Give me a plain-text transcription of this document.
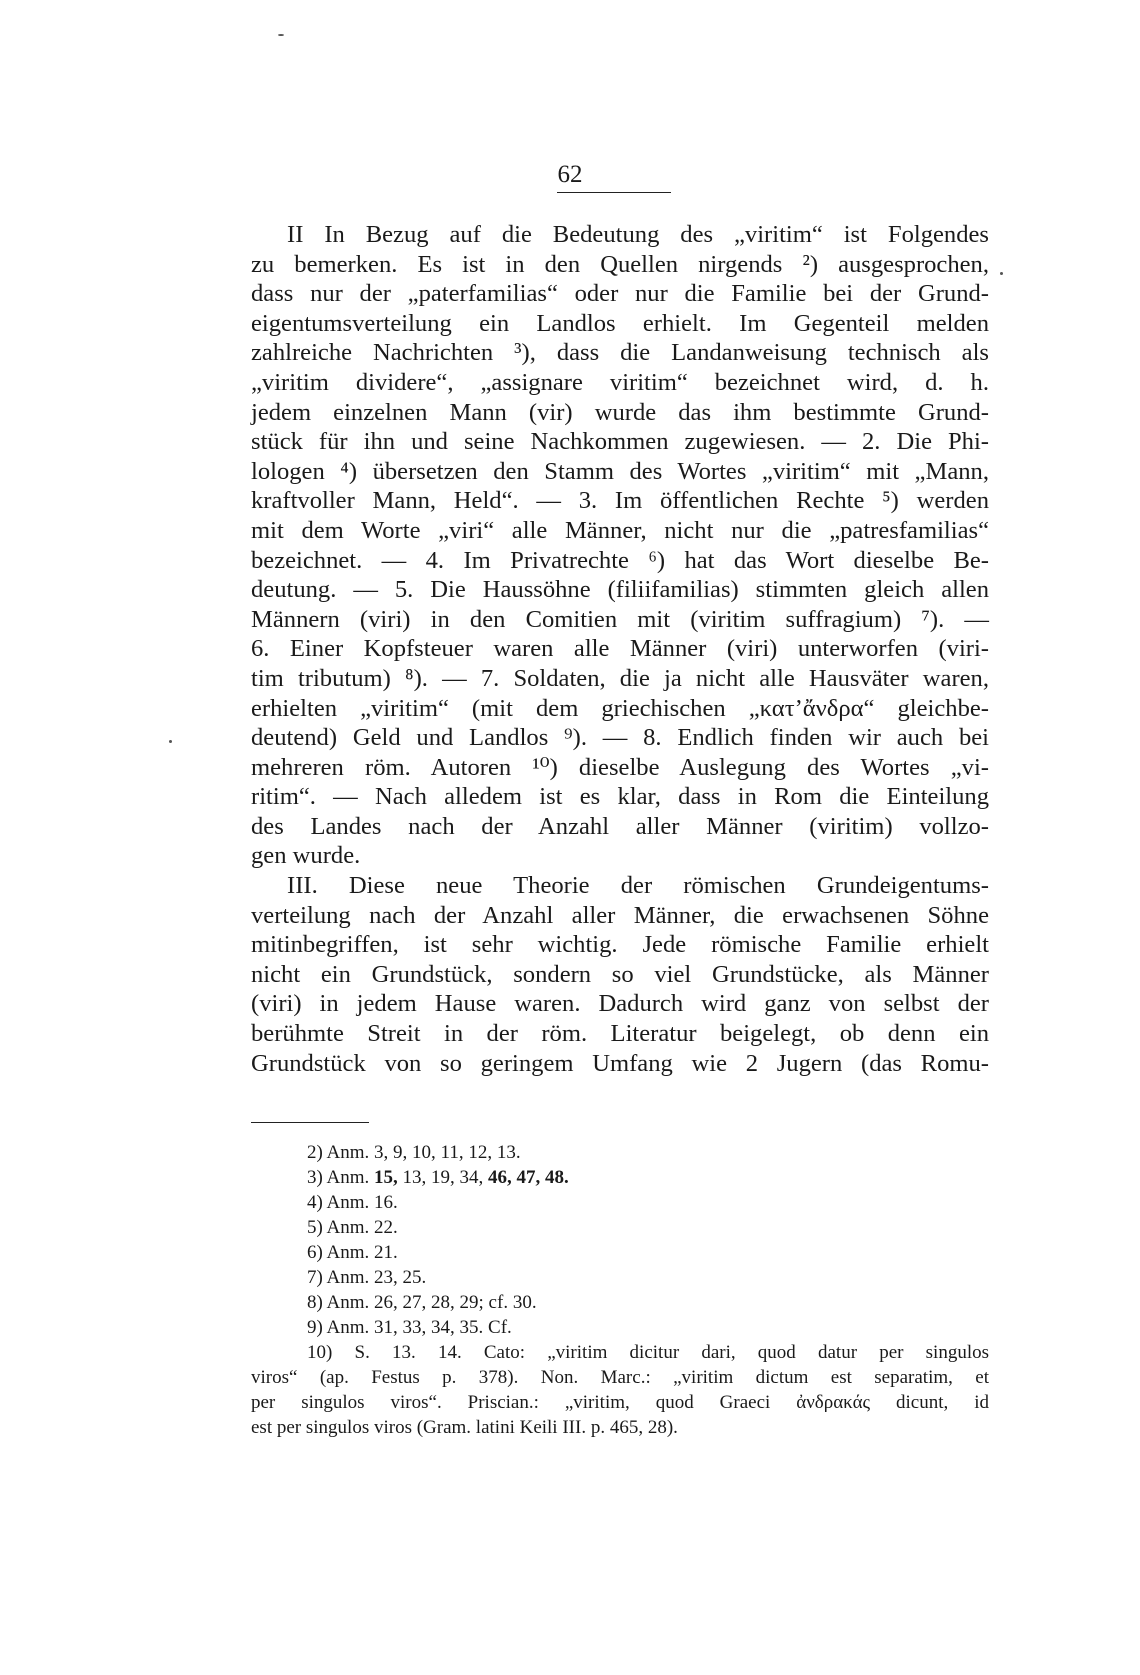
62

II In Bezug auf die Bedeutung des „viritim“ ist Folgendes
zu bemerken. Es ist in den Quellen nirgends ²) ausgesprochen,
dass nur der „paterfamilias“ oder nur die Familie bei der Grund-
eigentumsverteilung ein Landlos erhielt. Im Gegenteil melden
zahlreiche Nachrichten ³), dass die Landanweisung technisch als
„viritim dividere“, „assignare viritim“ bezeichnet wird, d. h.
jedem einzelnen Mann (vir) wurde das ihm bestimmte Grund-
stück für ihn und seine Nachkommen zugewiesen. — 2. Die Phi-
lologen ⁴) übersetzen den Stamm des Wortes „viritim“ mit „Mann,
kraftvoller Mann, Held“. — 3. Im öffentlichen Rechte ⁵) werden
mit dem Worte „viri“ alle Männer, nicht nur die „patresfamilias“
bezeichnet. — 4. Im Privatrechte ⁶) hat das Wort dieselbe Be-
deutung. — 5. Die Haussöhne (filiifamilias) stimmten gleich allen
Männern (viri) in den Comitien mit (viritim suffragium) ⁷). —
6. Einer Kopfsteuer waren alle Männer (viri) unterworfen (viri-
tim tributum) ⁸). — 7. Soldaten, die ja nicht alle Hausväter waren,
erhielten „viritim“ (mit dem griechischen „κατ’ἄνδρα“ gleichbe-
deutend) Geld und Landlos ⁹). — 8. Endlich finden wir auch bei
mehreren röm. Autoren ¹⁰) dieselbe Auslegung des Wortes „vi-
ritim“. — Nach alledem ist es klar, dass in Rom die Einteilung
des Landes nach der Anzahl aller Männer (viritim) vollzo-
gen wurde.

III. Diese neue Theorie der römischen Grundeigentums-
verteilung nach der Anzahl aller Männer, die erwachsenen Söhne
mitinbegriffen, ist sehr wichtig. Jede römische Familie erhielt
nicht ein Grundstück, sondern so viel Grundstücke, als Männer
(viri) in jedem Hause waren. Dadurch wird ganz von selbst der
berühmte Streit in der röm. Literatur beigelegt, ob denn ein
Grundstück von so geringem Umfang wie 2 Jugern (das Romu-

2) Anm. 3, 9, 10, 11, 12, 13.
3) Anm. 15, 13, 19, 34, 46, 47, 48.
4) Anm. 16.
5) Anm. 22.
6) Anm. 21.
7) Anm. 23, 25.
8) Anm. 26, 27, 28, 29; cf. 30.
9) Anm. 31, 33, 34, 35. Cf.
10) S. 13. 14. Cato: „viritim dicitur dari, quod datur per singulos
viros“ (ap. Festus p. 378). Non. Marc.: „viritim dictum est separatim, et
per singulos viros“. Priscian.: „viritim, quod Graeci ἀνδρακάς dicunt, id
est per singulos viros (Gram. latini Keili III. p. 465, 28).
